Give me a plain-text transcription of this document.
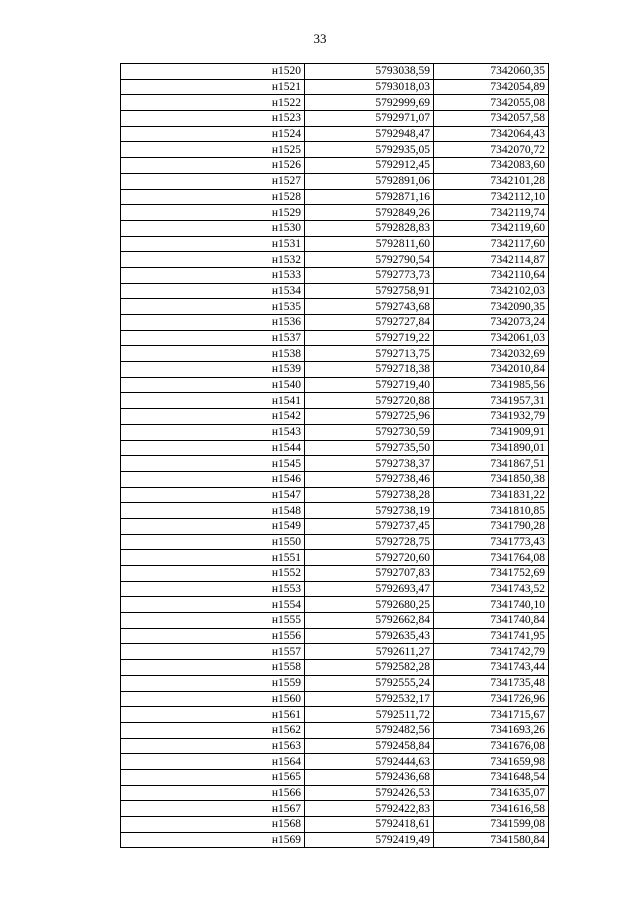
33
н1520	5793038,59	7342060,35
н1521	5793018,03	7342054,89
н1522	5792999,69	7342055,08
н1523	5792971,07	7342057,58
н1524	5792948,47	7342064,43
н1525	5792935,05	7342070,72
н1526	5792912,45	7342083,60
н1527	5792891,06	7342101,28
н1528	5792871,16	7342112,10
н1529	5792849,26	7342119,74
н1530	5792828,83	7342119,60
н1531	5792811,60	7342117,60
н1532	5792790,54	7342114,87
н1533	5792773,73	7342110,64
н1534	5792758,91	7342102,03
н1535	5792743,68	7342090,35
н1536	5792727,84	7342073,24
н1537	5792719,22	7342061,03
н1538	5792713,75	7342032,69
н1539	5792718,38	7342010,84
н1540	5792719,40	7341985,56
н1541	5792720,88	7341957,31
н1542	5792725,96	7341932,79
н1543	5792730,59	7341909,91
н1544	5792735,50	7341890,01
н1545	5792738,37	7341867,51
н1546	5792738,46	7341850,38
н1547	5792738,28	7341831,22
н1548	5792738,19	7341810,85
н1549	5792737,45	7341790,28
н1550	5792728,75	7341773,43
н1551	5792720,60	7341764,08
н1552	5792707,83	7341752,69
н1553	5792693,47	7341743,52
н1554	5792680,25	7341740,10
н1555	5792662,84	7341740,84
н1556	5792635,43	7341741,95
н1557	5792611,27	7341742,79
н1558	5792582,28	7341743,44
н1559	5792555,24	7341735,48
н1560	5792532,17	7341726,96
н1561	5792511,72	7341715,67
н1562	5792482,56	7341693,26
н1563	5792458,84	7341676,08
н1564	5792444,63	7341659,98
н1565	5792436,68	7341648,54
н1566	5792426,53	7341635,07
н1567	5792422,83	7341616,58
н1568	5792418,61	7341599,08
н1569	5792419,49	7341580,84
